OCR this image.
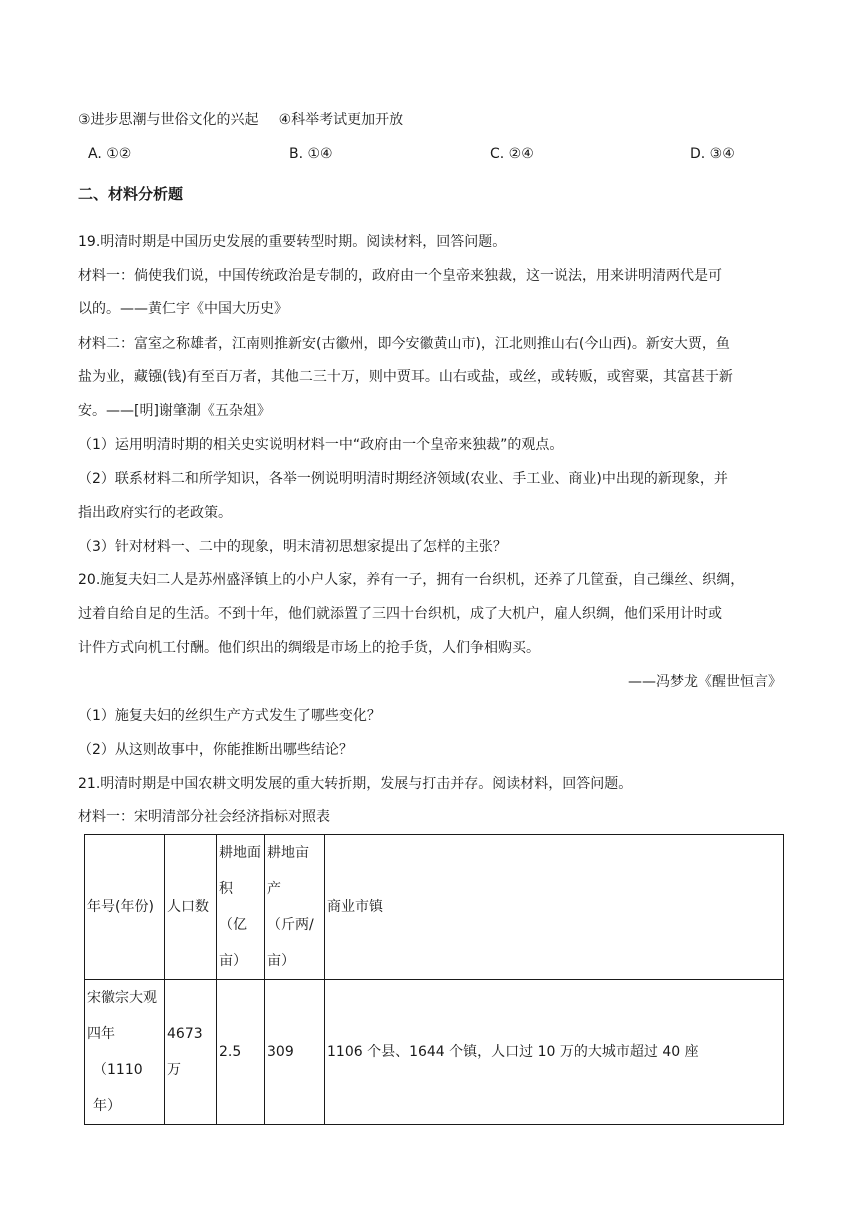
③进步思潮与世俗文化的兴起 ④科举考试更加开放
A. ①②	B. ①④	C. ②④	D. ③④
二、材料分析题
19.明清时期是中国历史发展的重要转型时期。阅读材料，回答问题。
材料一：倘使我们说，中国传统政治是专制的，政府由一个皇帝来独裁，这一说法，用来讲明清两代是可
以的。——黄仁宇《中国大历史》
材料二：富室之称雄者，江南则推新安(古徽州，即今安徽黄山市)，江北则推山右(今山西)。新安大贾，鱼
盐为业，藏镪(钱)有至百万者，其他二三十万，则中贾耳。山右或盐，或丝，或转贩，或窖粟，其富甚于新
安。——[明]谢肇淛《五杂俎》
（1）运用明清时期的相关史实说明材料一中“政府由一个皇帝来独裁”的观点。
（2）联系材料二和所学知识，各举一例说明明清时期经济领域(农业、手工业、商业)中出现的新现象，并
指出政府实行的老政策。
（3）针对材料一、二中的现象，明末清初思想家提出了怎样的主张？
20.施复夫妇二人是苏州盛泽镇上的小户人家，养有一子，拥有一台织机，还养了几筐蚕，自己缫丝、织绸，
过着自给自足的生活。不到十年，他们就添置了三四十台织机，成了大机户，雇人织绸，他们采用计时或
计件方式向机工付酬。他们织出的绸缎是市场上的抢手货，人们争相购买。
——冯梦龙《醒世恒言》
（1）施复夫妇的丝织生产方式发生了哪些变化？
（2）从这则故事中，你能推断出哪些结论？
21.明清时期是中国农耕文明发展的重大转折期，发展与打击并存。阅读材料，回答问题。
材料一：宋明清部分社会经济指标对照表
年号(年份)	人口数	耕地面
积
（亿
亩）	耕地亩
产
（斤两/
亩）	商业市镇

宋徽宗大观
四年
（1110 年）	4673 万	2.5	309	1106 个县、1644 个镇，人口过 10 万的大城市超过 40 座
